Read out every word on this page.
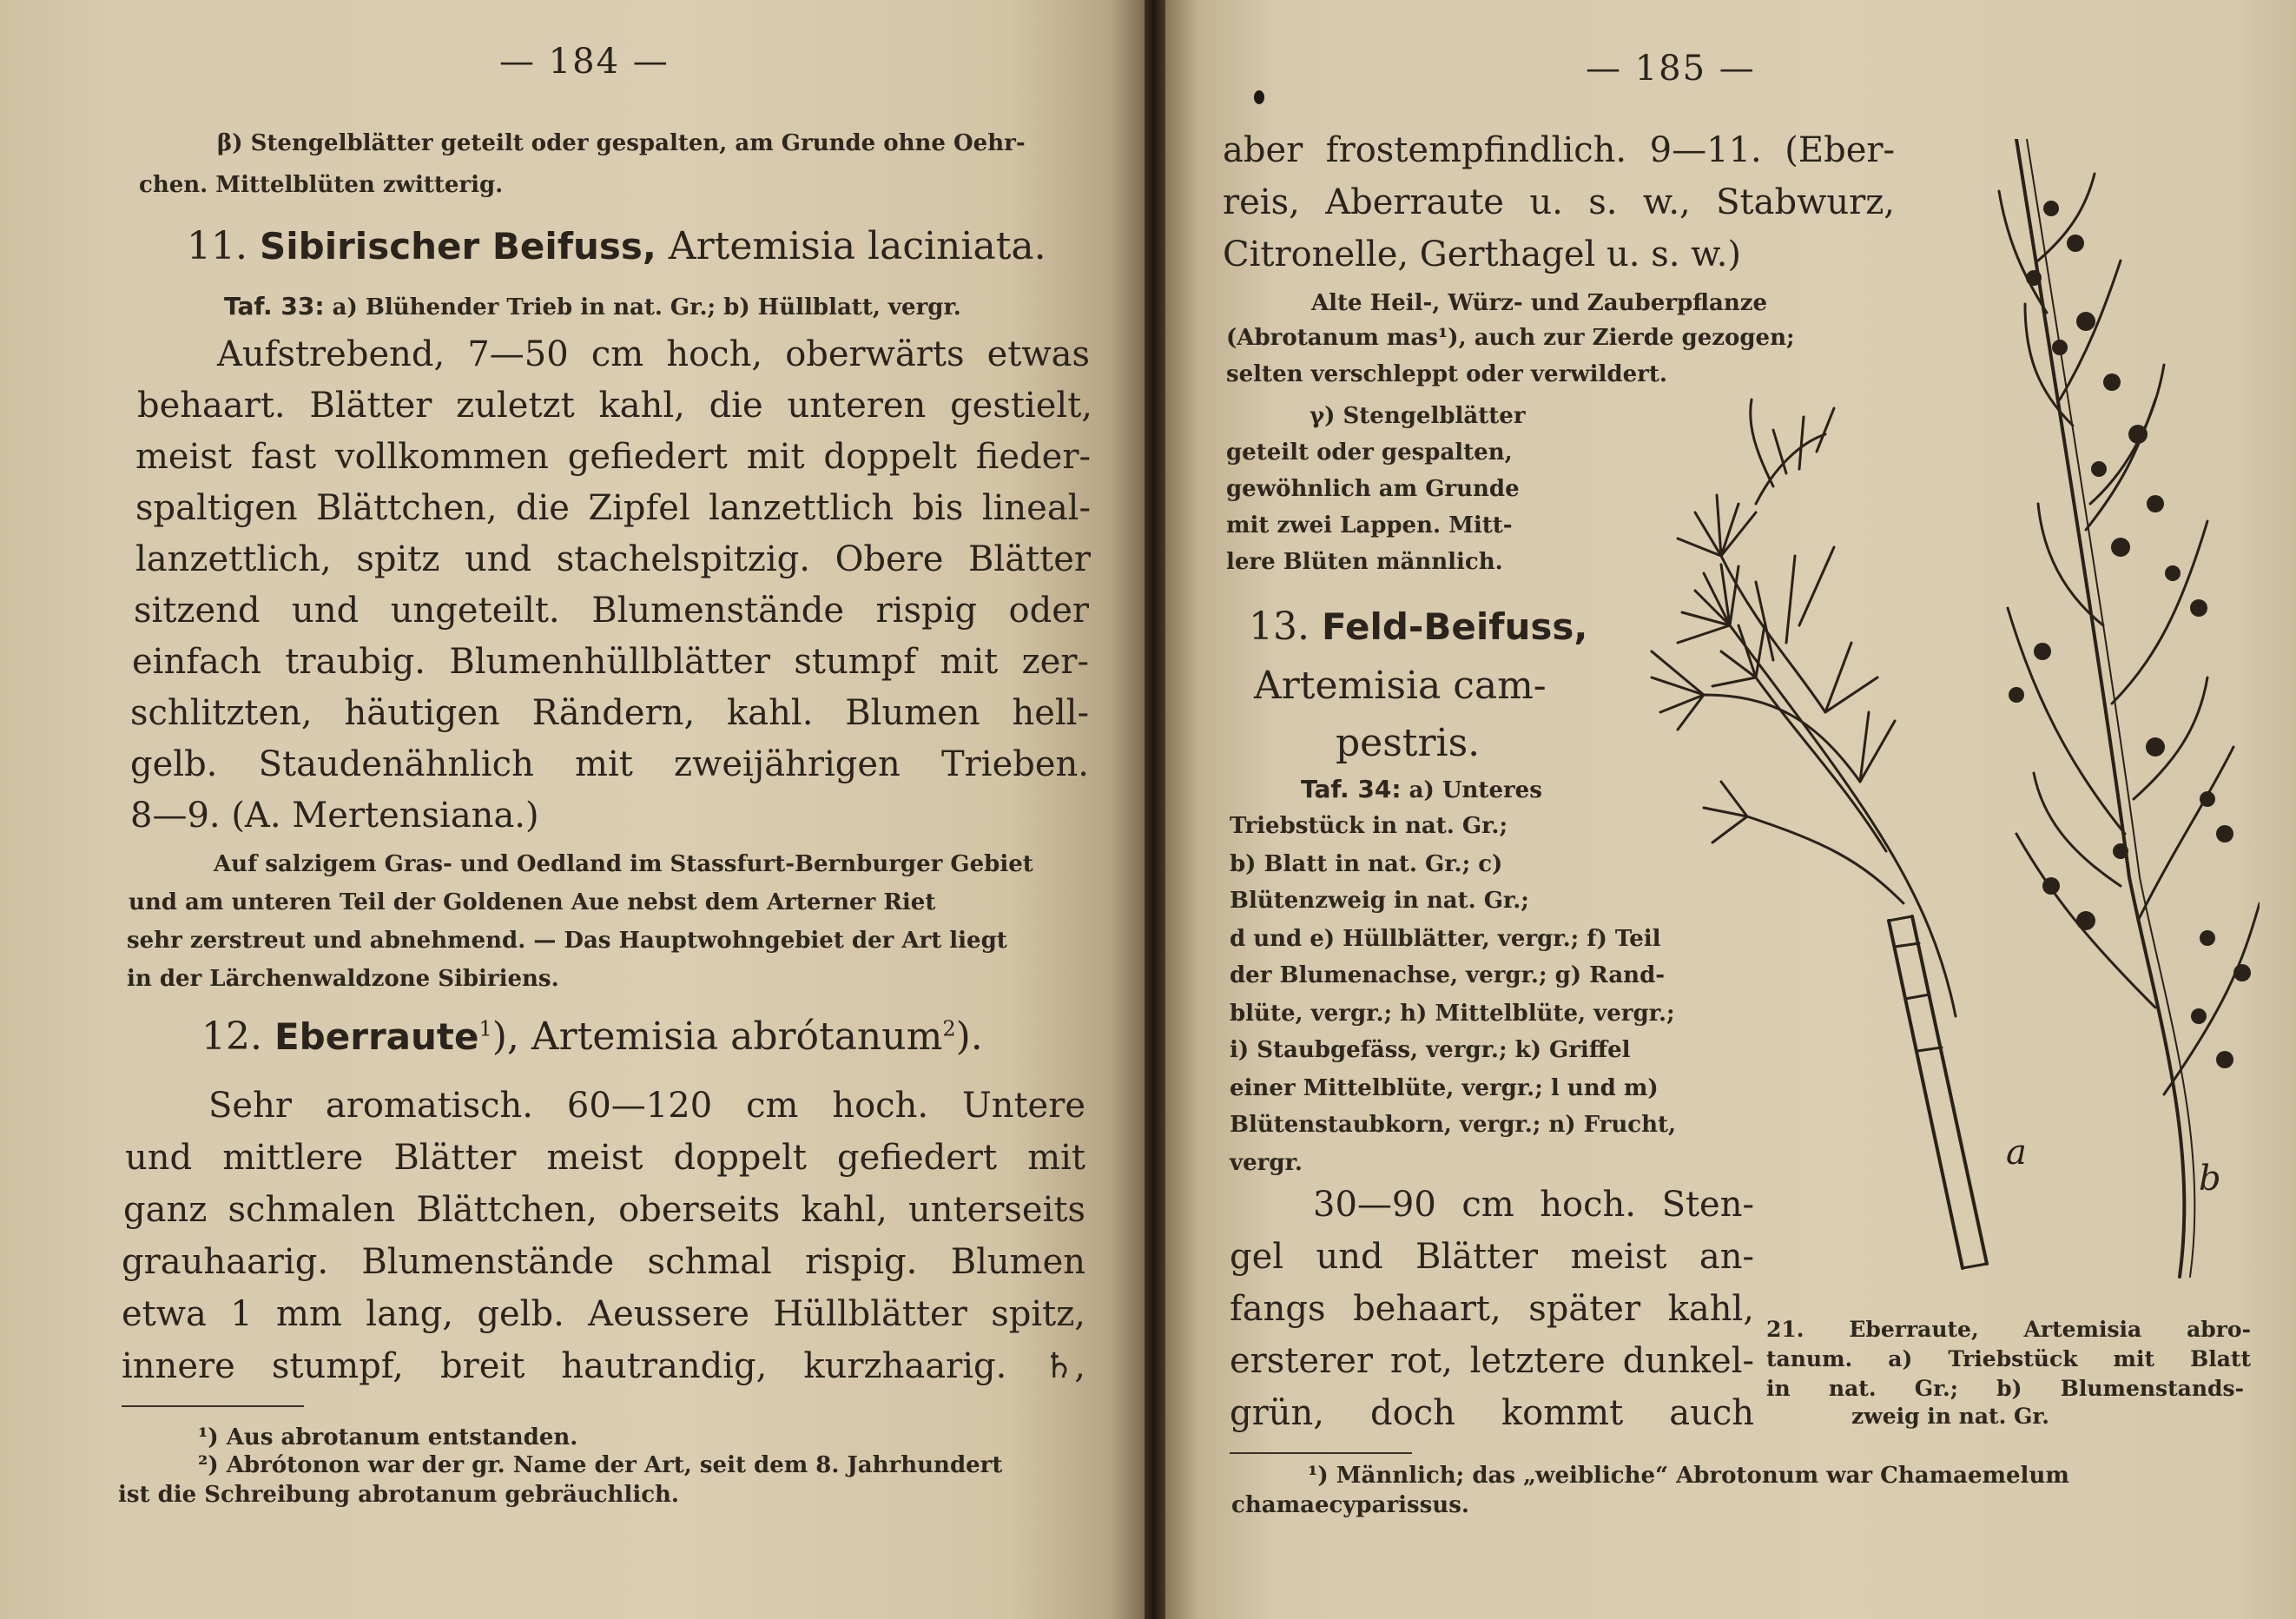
— 184 —
β) Stengelblätter geteilt oder gespalten, am Grunde ohne Oehr-
chen. Mittelblüten zwitterig.
11. Sibirischer Beifuss, Artemisia laciniata.
Taf. 33: a) Blühender Trieb in nat. Gr.; b) Hüllblatt, vergr.
Aufstrebend, 7—50 cm hoch, oberwärts etwas
behaart. Blätter zuletzt kahl, die unteren gestielt,
meist fast vollkommen gefiedert mit doppelt fieder-
spaltigen Blättchen, die Zipfel lanzettlich bis lineal-
lanzettlich, spitz und stachelspitzig. Obere Blätter
sitzend und ungeteilt. Blumenstände rispig oder
einfach traubig. Blumenhüllblätter stumpf mit zer-
schlitzten, häutigen Rändern, kahl. Blumen hell-
gelb. Staudenähnlich mit zweijährigen Trieben.
8—9. (A. Mertensiana.)
Auf salzigem Gras- und Oedland im Stassfurt-Bernburger Gebiet
und am unteren Teil der Goldenen Aue nebst dem Arterner Riet
sehr zerstreut und abnehmend. — Das Hauptwohngebiet der Art liegt
in der Lärchenwaldzone Sibiriens.
12. Eberraute$^1$), Artemisia abrótanum$^2$).
Sehr aromatisch. 60—120 cm hoch. Untere
und mittlere Blätter meist doppelt gefiedert mit
ganz schmalen Blättchen, oberseits kahl, unterseits
grauhaarig. Blumenstände schmal rispig. Blumen
etwa 1 mm lang, gelb. Aeussere Hüllblätter spitz,
innere stumpf, breit hautrandig, kurzhaarig. ♄,
¹) Aus abrotanum entstanden.
²) Abrótonon war der gr. Name der Art, seit dem 8. Jahrhundert
ist die Schreibung abrotanum gebräuchlich.
— 185 —
aber frostempfindlich. 9—11. (Eber-
reis, Aberraute u. s. w., Stabwurz,
Citronelle, Gerthagel u. s. w.)
Alte Heil-, Würz- und Zauberpflanze
(Abrotanum mas¹), auch zur Zierde gezogen;
selten verschleppt oder verwildert.
γ) Stengelblätter
geteilt oder gespalten,
gewöhnlich am Grunde
mit zwei Lappen. Mitt-
lere Blüten männlich.
13. Feld-Beifuss,
Artemisia cam-
pestris.
Taf. 34: a) Unteres
Triebstück in nat. Gr.;
b) Blatt in nat. Gr.; c)
Blütenzweig in nat. Gr.;
d und e) Hüllblätter, vergr.; f) Teil
der Blumenachse, vergr.; g) Rand-
blüte, vergr.; h) Mittelblüte, vergr.;
i) Staubgefäss, vergr.; k) Griffel
einer Mittelblüte, vergr.; l und m)
Blütenstaubkorn, vergr.; n) Frucht,
vergr.
30—90 cm hoch. Sten-
gel und Blätter meist an-
fangs behaart, später kahl,
ersterer rot, letztere dunkel-
grün, doch kommt auch
a
b
21. Eberraute, Artemisia abro-
tanum. a) Triebstück mit Blatt
in nat. Gr.; b) Blumenstands-
zweig in nat. Gr.
¹) Männlich; das „weibliche“ Abrotonum war Chamaemelum
chamaecyparissus.
